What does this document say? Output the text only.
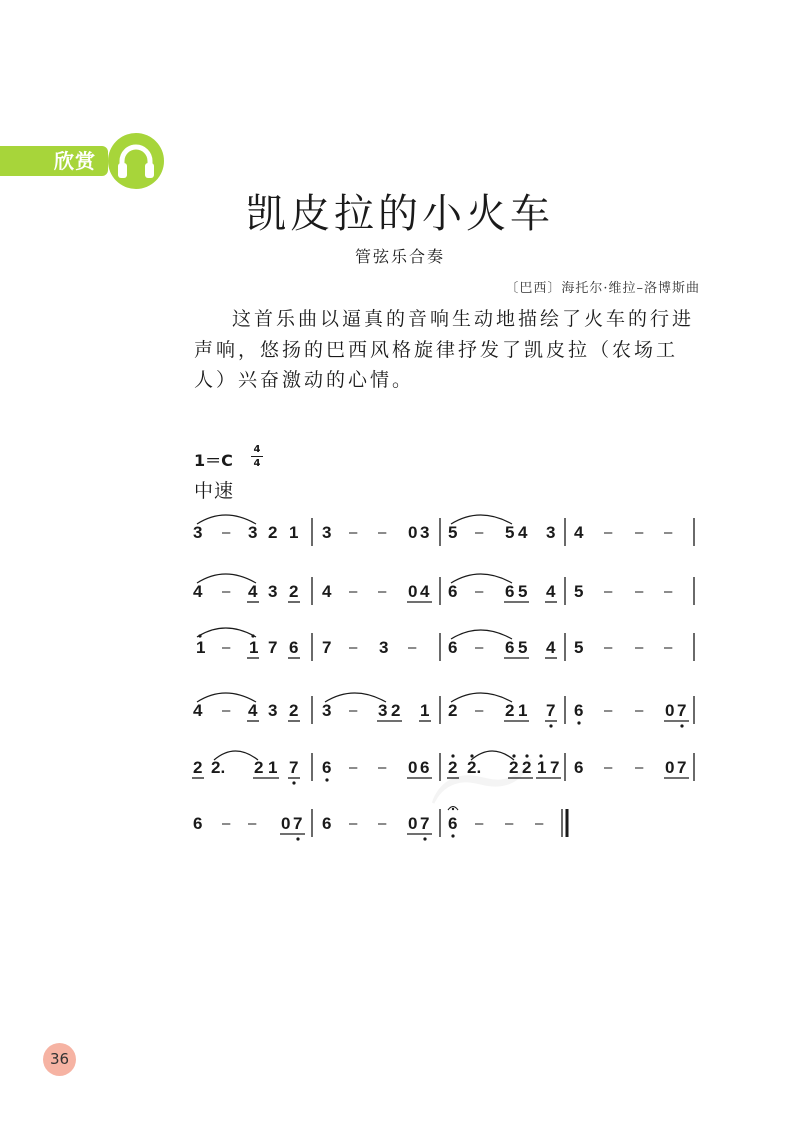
欣赏
凯皮拉的小火车
管弦乐合奏
〔巴西〕海托尔·维拉–洛博斯曲

这首乐曲以逼真的音响生动地描绘了火车的行进声响，悠扬的巴西风格旋律抒发了凯皮拉（农场工人）兴奋激动的心情。

1＝C
4
4
中速
3 – 3 2 1 3 – – 0 3 5 – 5 4 3 4 – – –
4 – 4 3 2 4 – – 0 4 6 – 6 5 4 5 – – –
1 – 1 7 6 7 – 3 – 6 – 6 5 4 5 – – –
4 – 4 3 2 3 – 3 2 1 2 – 2 1 7 6 – – 0 7
2 2. 2 1 7 6 – – 0 6 2 2. 2 2 1 7 6 – – 0 7
6 – – 0 7 6 – – 0 7 6 – – –
36
